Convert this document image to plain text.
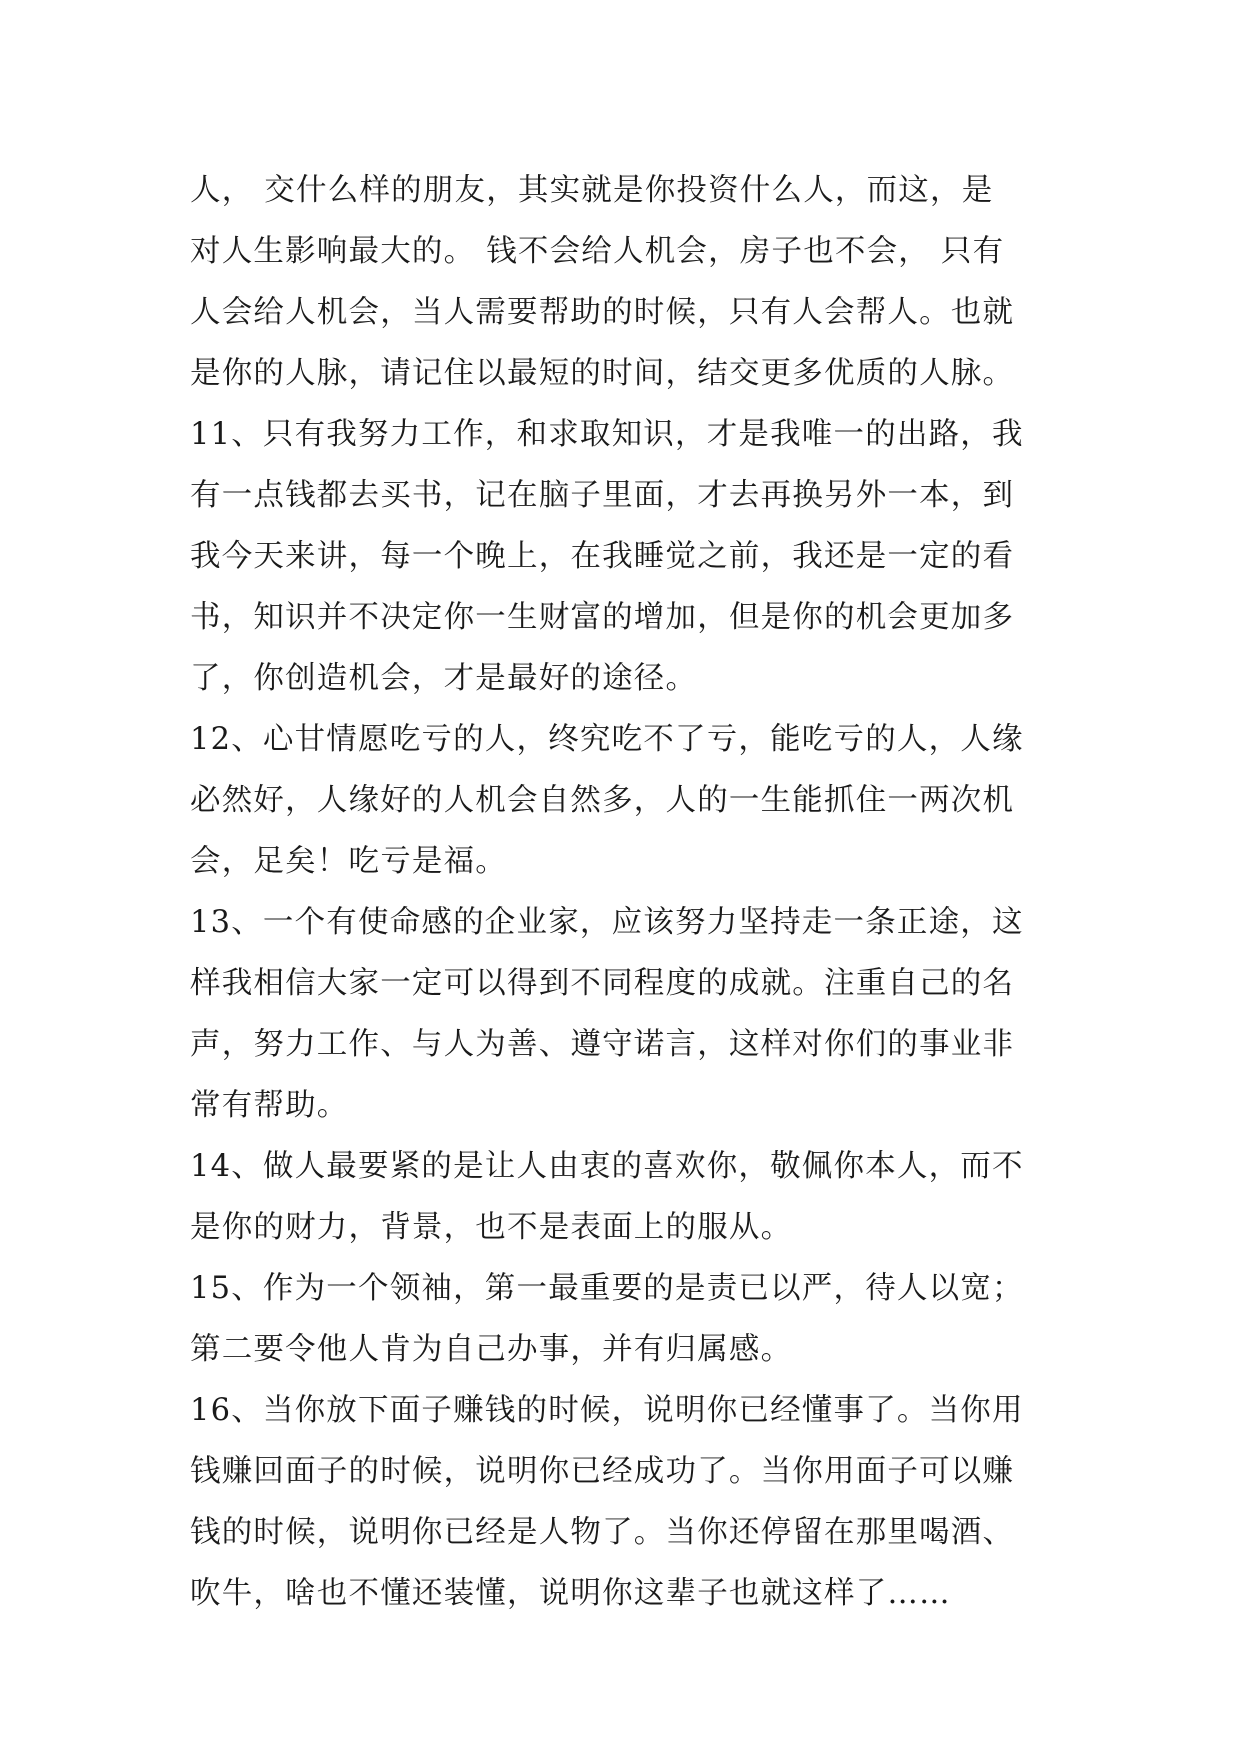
人， 交什么样的朋友，其实就是你投资什么人，而这，是
对人生影响最大的。 钱不会给人机会，房子也不会， 只有
人会给人机会，当人需要帮助的时候，只有人会帮人。也就
是你的人脉，请记住以最短的时间，结交更多优质的人脉。
11、只有我努力工作，和求取知识，才是我唯一的出路，我
有一点钱都去买书，记在脑子里面，才去再换另外一本，到
我今天来讲，每一个晚上，在我睡觉之前，我还是一定的看
书，知识并不决定你一生财富的增加，但是你的机会更加多
了，你创造机会，才是最好的途径。
12、心甘情愿吃亏的人，终究吃不了亏，能吃亏的人，人缘
必然好，人缘好的人机会自然多，人的一生能抓住一两次机
会，足矣！吃亏是福。
13、一个有使命感的企业家，应该努力坚持走一条正途，这
样我相信大家一定可以得到不同程度的成就。注重自己的名
声，努力工作、与人为善、遵守诺言，这样对你们的事业非
常有帮助。
14、做人最要紧的是让人由衷的喜欢你，敬佩你本人，而不
是你的财力，背景，也不是表面上的服从。
15、作为一个领袖，第一最重要的是责已以严，待人以宽；
第二要令他人肯为自己办事，并有归属感。
16、当你放下面子赚钱的时候，说明你已经懂事了。当你用
钱赚回面子的时候，说明你已经成功了。当你用面子可以赚
钱的时候，说明你已经是人物了。当你还停留在那里喝酒、
吹牛，啥也不懂还装懂，说明你这辈子也就这样了……
